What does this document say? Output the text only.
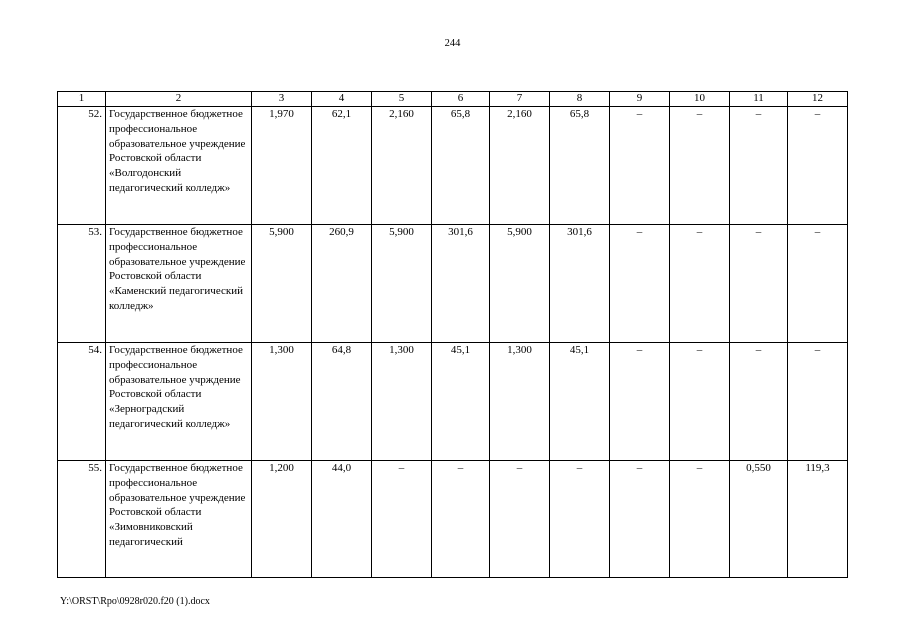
244
1	2	3	4	5	6	7	8	9	10	11	12
52.	Государственное бюджетное профессиональное образовательное учреждение Ростовской области «Волгодонский педагогический колледж»	1,970	62,1	2,160	65,8	2,160	65,8	–	–	–	–
53.	Государственное бюджетное профессиональное образовательное учреждение Ростовской области «Каменский педагогический колледж»	5,900	260,9	5,900	301,6	5,900	301,6	–	–	–	–
54.	Государственное бюджетное профессиональное образовательное учрждение Ростовской области «Зерноградский педагогический колледж»	1,300	64,8	1,300	45,1	1,300	45,1	–	–	–	–
55.	Государственное бюджетное профессиональное образовательное учреждение Ростовской области «Зимовниковский педагогический	1,200	44,0	–	–	–	–	–	–	0,550	119,3
Y:\ORST\Rpo\0928r020.f20 (1).docx
